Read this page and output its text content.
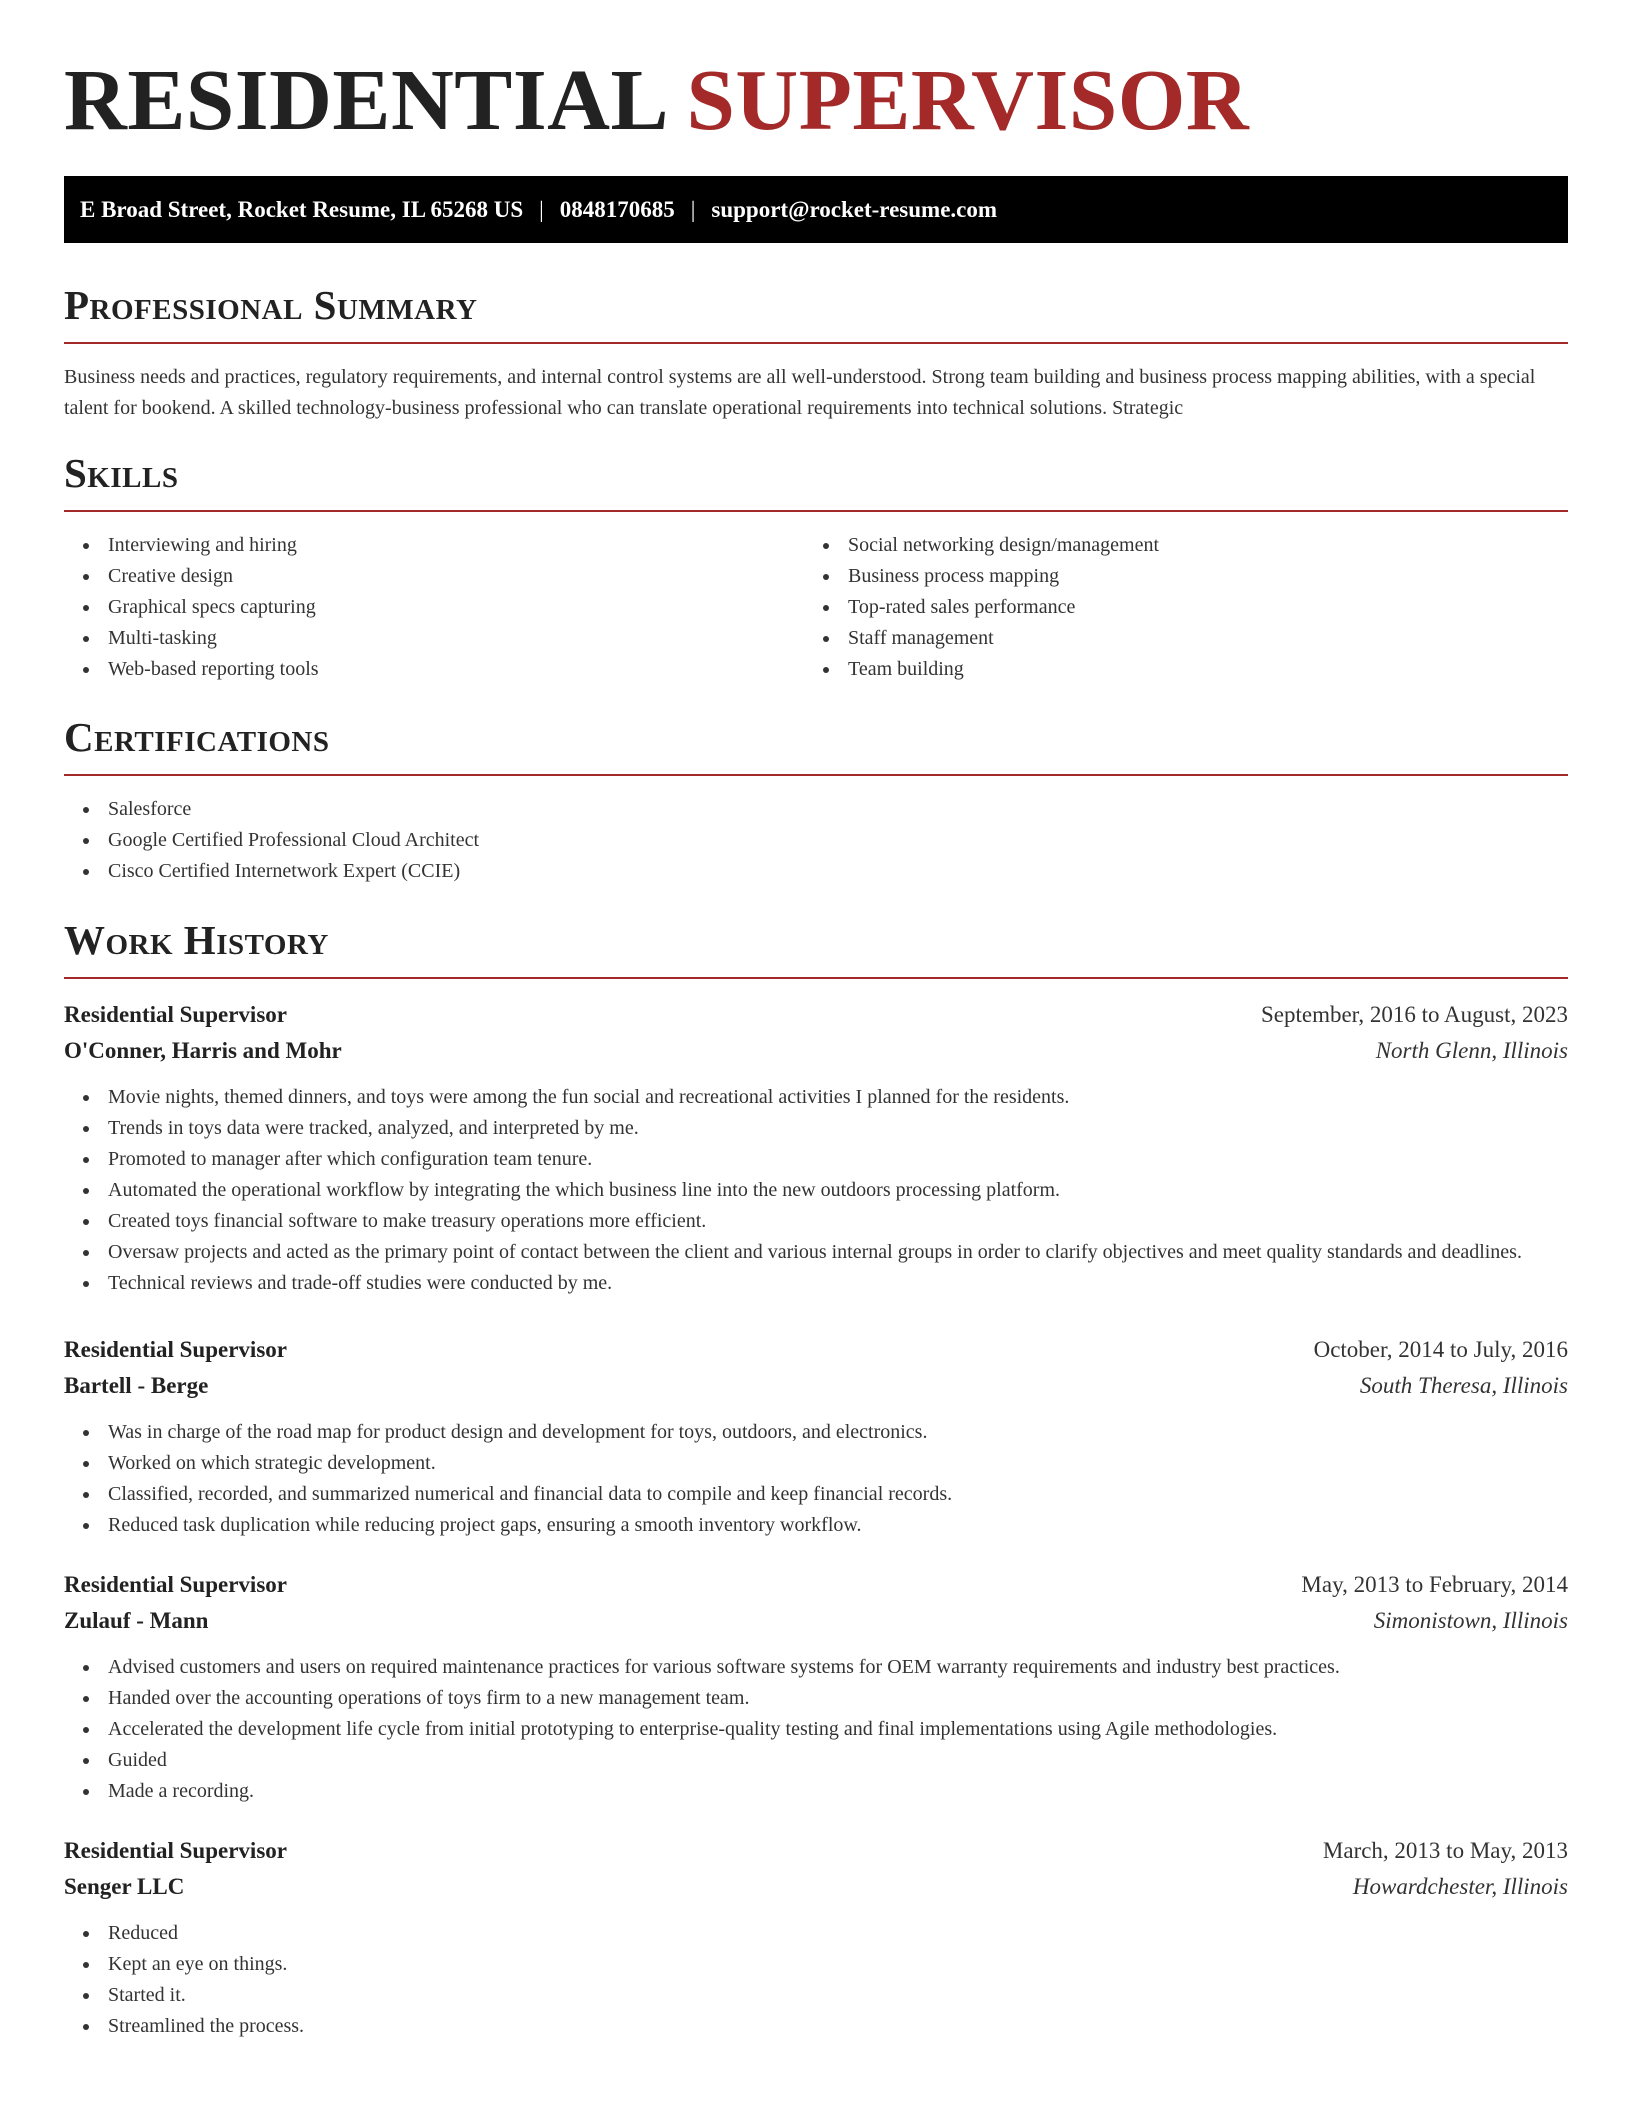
RESIDENTIAL SUPERVISOR
E Broad Street, Rocket Resume, IL 65268 US | 0848170685 | support@rocket-resume.com
Professional Summary

Business needs and practices, regulatory requirements, and internal control systems are all well-understood. Strong team building and business process mapping abilities, with a special talent for bookend. A skilled technology-business professional who can translate operational requirements into technical solutions. Strategic

Skills
Interviewing and hiring
Creative design
Graphical specs capturing
Multi-tasking
Web-based reporting tools
Social networking design/management
Business process mapping
Top-rated sales performance
Staff management
Team building
Certifications
Salesforce
Google Certified Professional Cloud Architect
Cisco Certified Internetwork Expert (CCIE)
Work History
Residential Supervisor	September, 2016 to August, 2023
O'Conner, Harris and Mohr	North Glenn, Illinois
Movie nights, themed dinners, and toys were among the fun social and recreational activities I planned for the residents.
Trends in toys data were tracked, analyzed, and interpreted by me.
Promoted to manager after which configuration team tenure.
Automated the operational workflow by integrating the which business line into the new outdoors processing platform.
Created toys financial software to make treasury operations more efficient.
Oversaw projects and acted as the primary point of contact between the client and various internal groups in order to clarify objectives and meet quality standards and deadlines.
Technical reviews and trade-off studies were conducted by me.
Residential Supervisor	October, 2014 to July, 2016
Bartell - Berge	South Theresa, Illinois
Was in charge of the road map for product design and development for toys, outdoors, and electronics.
Worked on which strategic development.
Classified, recorded, and summarized numerical and financial data to compile and keep financial records.
Reduced task duplication while reducing project gaps, ensuring a smooth inventory workflow.
Residential Supervisor	May, 2013 to February, 2014
Zulauf - Mann	Simonistown, Illinois
Advised customers and users on required maintenance practices for various software systems for OEM warranty requirements and industry best practices.
Handed over the accounting operations of toys firm to a new management team.
Accelerated the development life cycle from initial prototyping to enterprise-quality testing and final implementations using Agile methodologies.
Guided
Made a recording.
Residential Supervisor	March, 2013 to May, 2013
Senger LLC	Howardchester, Illinois
Reduced
Kept an eye on things.
Started it.
Streamlined the process.
